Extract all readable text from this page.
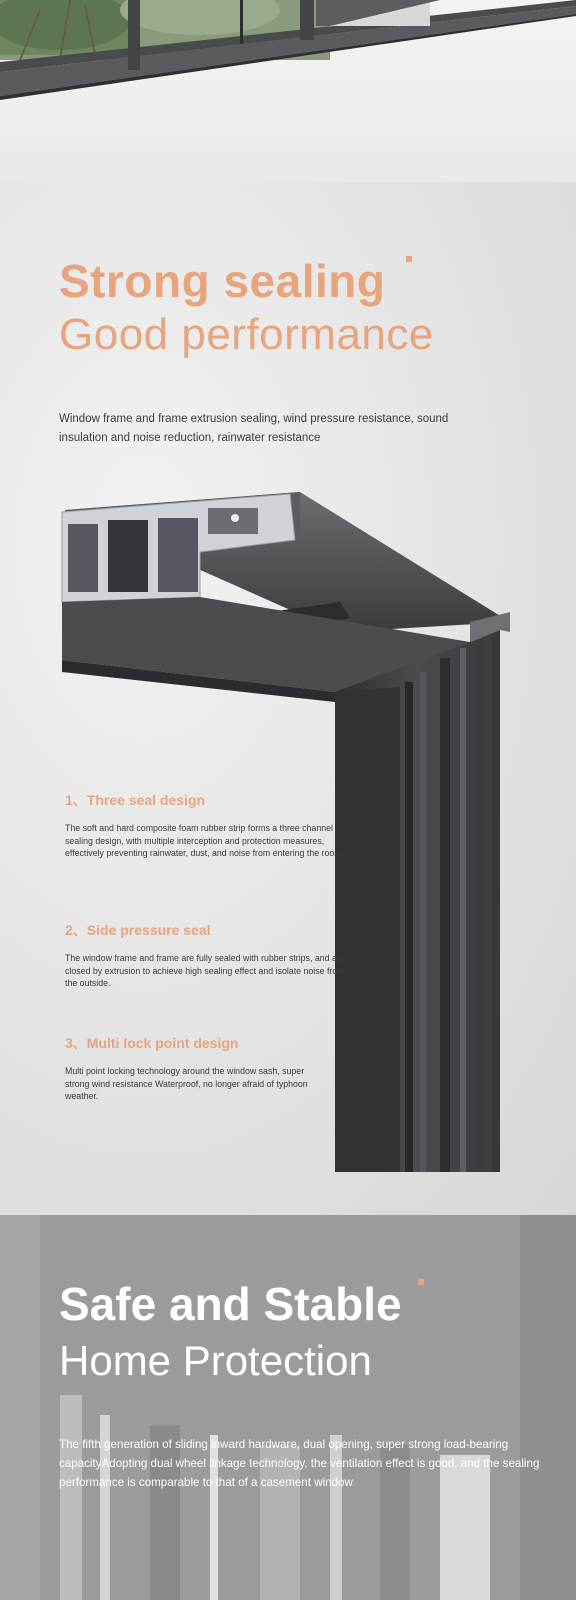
Strong sealing
Good performance
Window frame and frame extrusion sealing, wind pressure resistance, sound insulation and noise reduction, rainwater resistance
1、Three seal design
The soft and hard composite foam rubber strip forms a three channel sealing design, with multiple interception and protection measures, effectively preventing rainwater, dust, and noise from entering the room.
2、Side pressure seal
The window frame and frame are fully sealed with rubber strips, and are closed by extrusion to achieve high sealing effect and isolate noise from the outside.
3、Multi lock point design
Multi point locking technology around the window sash, super strong wind resistance Waterproof, no longer afraid of typhoon weather.
Safe and Stable
Home Protection
The fifth generation of sliding inward hardware, dual opening, super strong load-bearing capacityAdopting dual wheel linkage technology, the ventilation effect is good, and the sealing performance is comparable to that of a casement window
